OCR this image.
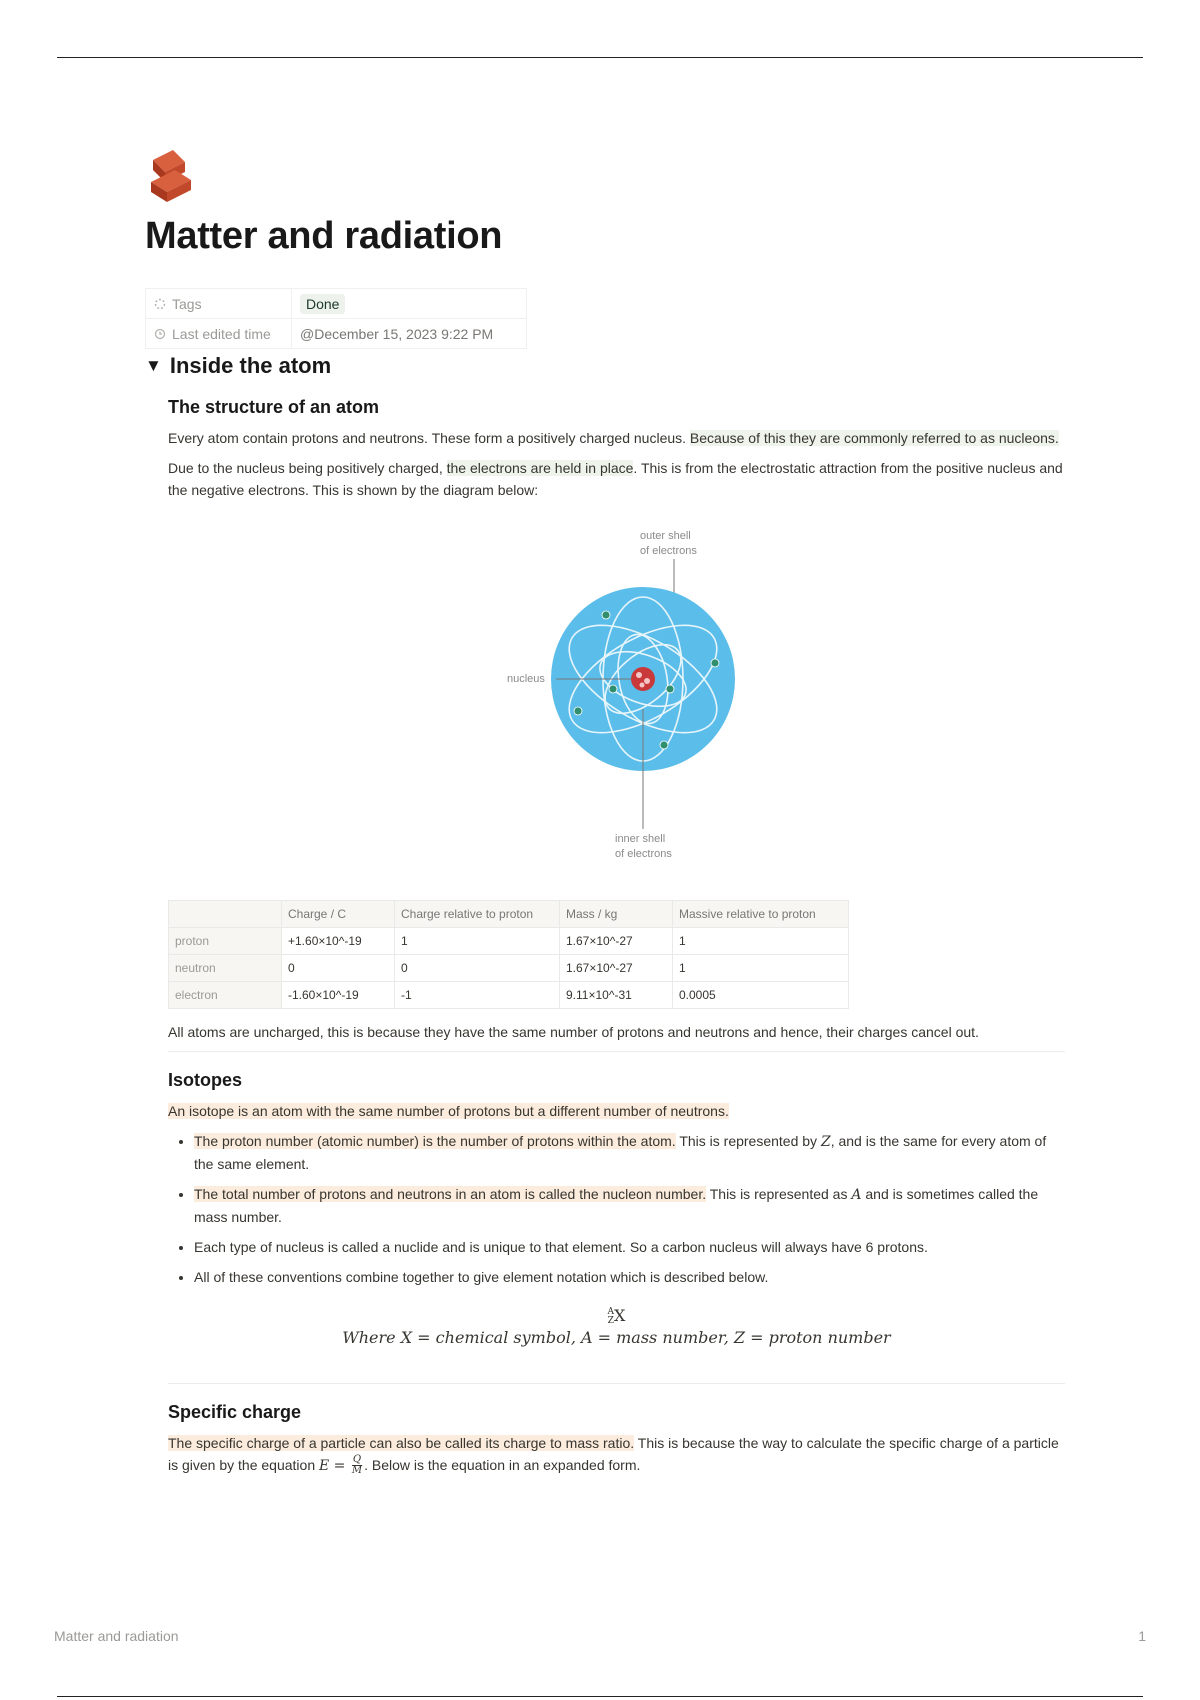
Matter and radiation
Tags	Done
Last edited time	@December 15, 2023 9:22 PM
▼ Inside the atom
The structure of an atom

Every atom contain protons and neutrons. These form a positively charged nucleus. Because of this they are commonly referred to as nucleons.

Due to the nucleus being positively charged, the electrons are held in place. This is from the electrostatic attraction from the positive nucleus and the negative electrons. This is shown by the diagram below:

outer shell
of electrons
nucleus
inner shell
of electrons
	Charge / C	Charge relative to proton	Mass / kg	Massive relative to proton
proton	+1.60×10^-19	1	1.67×10^-27	1
neutron	0	0	1.67×10^-27	1
electron	-1.60×10^-19	-1	9.11×10^-31	0.0005

All atoms are uncharged, this is because they have the same number of protons and neutrons and hence, their charges cancel out.

Isotopes

An isotope is an atom with the same number of protons but a different number of neutrons.

• The proton number (atomic number) is the number of protons within the atom. This is represented by Z, and is the same for every atom of the same element.
• The total number of protons and neutrons in an atom is called the nucleon number. This is represented as A and is sometimes called the mass number.
• Each type of nucleus is called a nuclide and is unique to that element. So a carbon nucleus will always have 6 protons.
• All of these conventions combine together to give element notation which is described below.
A
Z X
Where X = chemical symbol, A = mass number, Z = proton number
Specific charge

The specific charge of a particle can also be called its charge to mass ratio. This is because the way to calculate the specific charge of a particle is given by the equation $E = \frac{Q}{M}$ . Below is the equation in an expanded form.

Matter and radiation	1
